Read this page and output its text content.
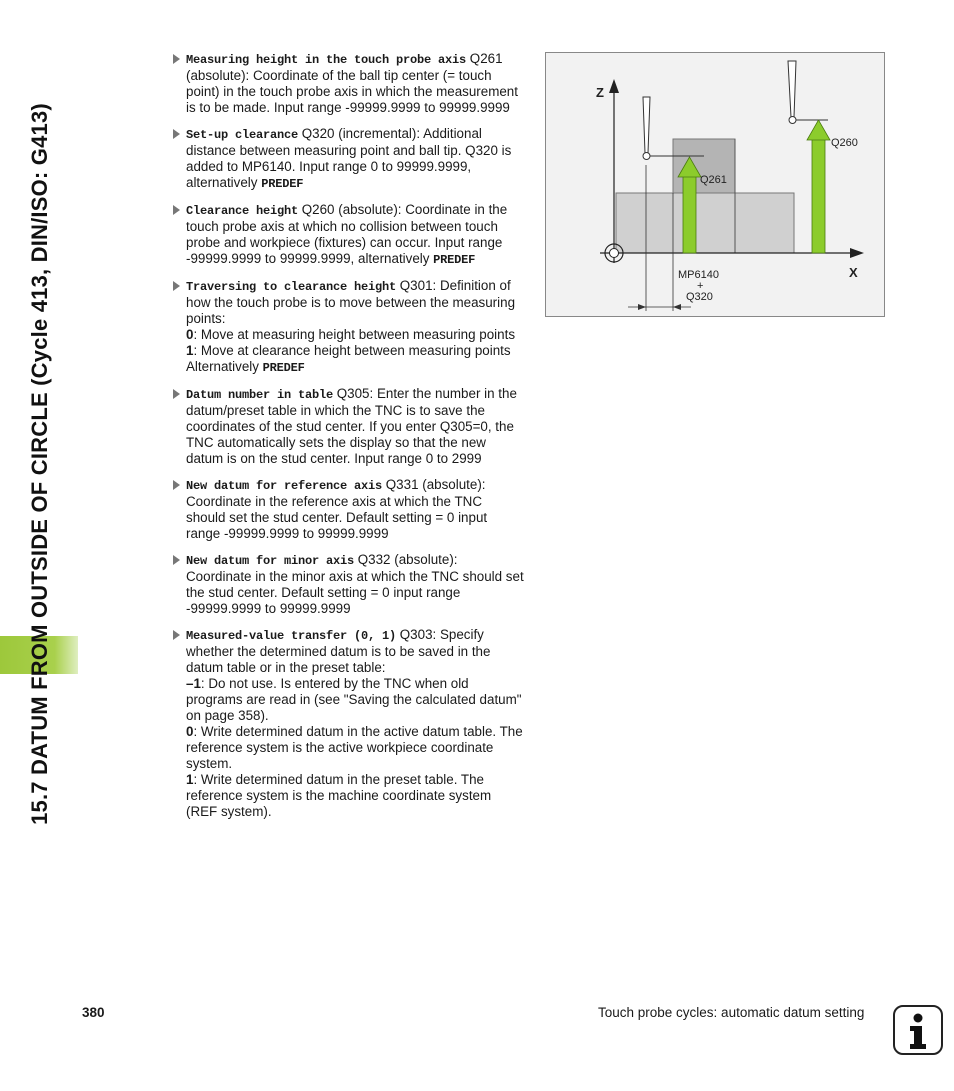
15.7 DATUM FROM OUTSIDE OF CIRCLE (Cycle 413, DIN/ISO: G413)
Measuring height in the touch probe axis Q261 (absolute): Coordinate of the ball tip center (= touch point) in the touch probe axis in which the measurement is to be made. Input range -99999.9999 to 99999.9999
Set-up clearance Q320 (incremental): Additional distance between measuring point and ball tip. Q320 is added to MP6140. Input range 0 to 99999.9999, alternatively PREDEF
Clearance height Q260 (absolute): Coordinate in the touch probe axis at which no collision between touch probe and workpiece (fixtures) can occur. Input range -99999.9999 to 99999.9999, alternatively PREDEF
Traversing to clearance height Q301: Definition of how the touch probe is to move between the measuring points:
0: Move at measuring height between measuring points
1: Move at clearance height between measuring points
Alternatively PREDEF
Datum number in table Q305: Enter the number in the datum/preset table in which the TNC is to save the coordinates of the stud center. If you enter Q305=0, the TNC automatically sets the display so that the new datum is on the stud center. Input range 0 to 2999
New datum for reference axis Q331 (absolute): Coordinate in the reference axis at which the TNC should set the stud center. Default setting = 0 input range -99999.9999 to 99999.9999
New datum for minor axis Q332 (absolute): Coordinate in the minor axis at which the TNC should set the stud center. Default setting = 0 input range -99999.9999 to 99999.9999
Measured-value transfer (0, 1) Q303: Specify whether the determined datum is to be saved in the datum table or in the preset table:
–1: Do not use. Is entered by the TNC when old programs are read in (see "Saving the calculated datum" on page 358).
0: Write determined datum in the active datum table. The reference system is the active workpiece coordinate system.
1: Write determined datum in the preset table. The reference system is the machine coordinate system (REF system).
Z
X
Q260
Q261
MP6140
+
Q320
380	Touch probe cycles: automatic datum setting
